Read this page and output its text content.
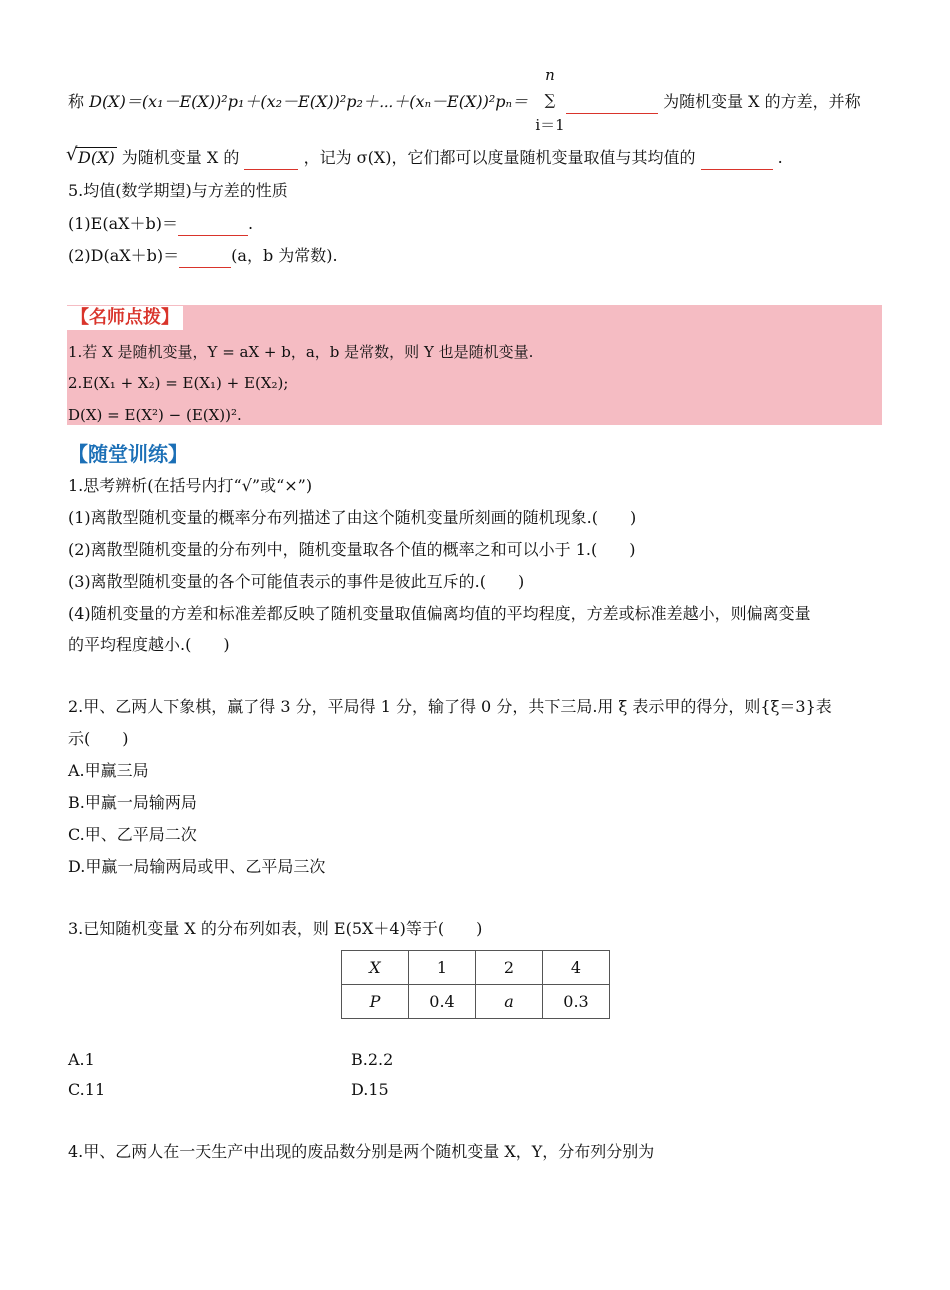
称 D(X)＝(x₁－E(X))²p₁＋(x₂－E(X))²p₂＋⋯＋(xₙ－E(X))²pₙ＝
n
∑
i＝1
为随机变量 X 的方差，并称
√ D(X) 为随机变量 X 的	，记为 σ(X)，它们都可以度量随机变量取值与其均值的	.
5.均值(数学期望)与方差的性质
(1)E(aX＋b)＝	.
(2)D(aX＋b)＝	(a，b 为常数).
【名师点拨】
1.若 X 是随机变量，Y = aX + b，a，b 是常数，则 Y 也是随机变量.
2.E(X₁ + X₂) = E(X₁) + E(X₂);
D(X) = E(X²) − (E(X))².
【随堂训练】
1.思考辨析(在括号内打“√”或“×”)
(1)离散型随机变量的概率分布列描述了由这个随机变量所刻画的随机现象.(　　)
(2)离散型随机变量的分布列中，随机变量取各个值的概率之和可以小于 1.(　　)
(3)离散型随机变量的各个可能值表示的事件是彼此互斥的.(　　)
(4)随机变量的方差和标准差都反映了随机变量取值偏离均值的平均程度，方差或标准差越小，则偏离变量
的平均程度越小.(　　)
2.甲、乙两人下象棋，赢了得 3 分，平局得 1 分，输了得 0 分，共下三局.用 ξ 表示甲的得分，则{ξ＝3}表
示(　　)
A.甲赢三局
B.甲赢一局输两局
C.甲、乙平局二次
D.甲赢一局输两局或甲、乙平局三次
3.已知随机变量 X 的分布列如表，则 E(5X＋4)等于(　　)
X	1	2	4
P	0.4	a	0.3
A.1	B.2.2
C.11	D.15
4.甲、乙两人在一天生产中出现的废品数分别是两个随机变量 X，Y，分布列分别为
